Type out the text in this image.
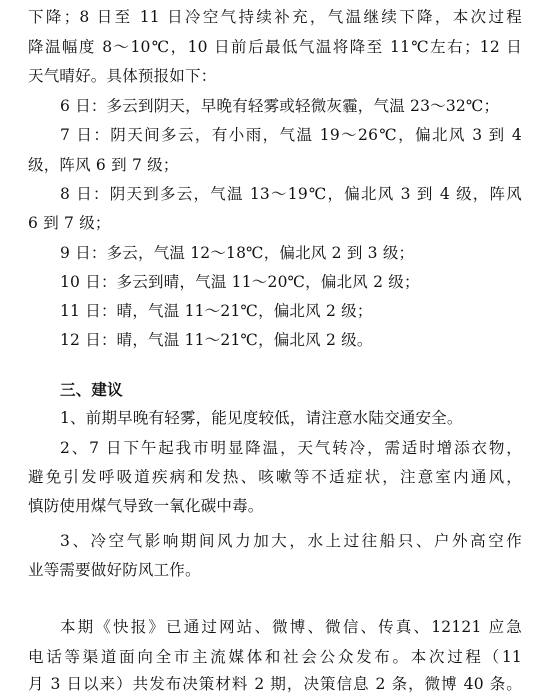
下降；8 日至 11 日冷空气持续补充，气温继续下降，本次过程
降温幅度 8～10℃，10 日前后最低气温将降至 11℃左右；12 日
天气晴好。具体预报如下：
6 日：多云到阴天，早晚有轻雾或轻微灰霾，气温 23～32℃；
7 日：阴天间多云，有小雨，气温 19～26℃，偏北风 3 到 4
级，阵风 6 到 7 级；
8 日：阴天到多云，气温 13～19℃，偏北风 3 到 4 级，阵风
6 到 7 级；
9 日：多云，气温 12～18℃，偏北风 2 到 3 级；
10 日：多云到晴，气温 11～20℃，偏北风 2 级；
11 日：晴，气温 11～21℃，偏北风 2 级；
12 日：晴，气温 11～21℃，偏北风 2 级。
三、建议
1、前期早晚有轻雾，能见度较低，请注意水陆交通安全。
2、7 日下午起我市明显降温，天气转冷，需适时增添衣物，
避免引发呼吸道疾病和发热、咳嗽等不适症状，注意室内通风，
慎防使用煤气导致一氧化碳中毒。
3、冷空气影响期间风力加大，水上过往船只、户外高空作
业等需要做好防风工作。
本期《快报》已通过网站、微博、微信、传真、12121 应急
电话等渠道面向全市主流媒体和社会公众发布。本次过程（11
月 3 日以来）共发布决策材料 2 期，决策信息 2 条，微博 40 条。
